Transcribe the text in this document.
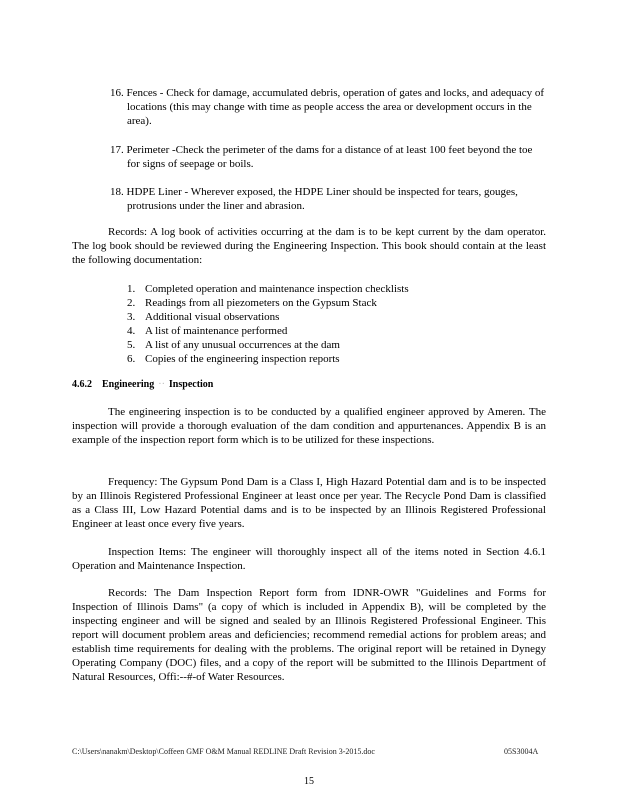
16. Fences - Check for damage, accumulated debris, operation of gates and locks, and adequacy of locations (this may change with time as people access the area or development occurs in the area).
17. Perimeter -Check the perimeter of the dams for a distance of at least 100 feet beyond the toe for signs of seepage or boils.
18. HDPE Liner - Wherever exposed, the HDPE Liner should be inspected for tears, gouges, protrusions under the liner and abrasion.
Records: A log book of activities occurring at the dam is to be kept current by the dam operator. The log book should be reviewed during the Engineering Inspection. This book should contain at the least the following documentation:
1. Completed operation and maintenance inspection checklists
2. Readings from all piezometers on the Gypsum Stack
3. Additional visual observations
4. A list of maintenance performed
5. A list of any unusual occurrences at the dam
6. Copies of the engineering inspection reports
4.6.2 Engineering ·· Inspection
The engineering inspection is to be conducted by a qualified engineer approved by Ameren. The inspection will provide a thorough evaluation of the dam condition and appurtenances. Appendix B is an example of the inspection report form which is to be utilized for these inspections.
Frequency: The Gypsum Pond Dam is a Class I, High Hazard Potential dam and is to be inspected by an Illinois Registered Professional Engineer at least once per year. The Recycle Pond Dam is classified as a Class III, Low Hazard Potential dams and is to be inspected by an Illinois Registered Professional Engineer at least once every five years.
Inspection Items: The engineer will thoroughly inspect all of the items noted in Section 4.6.1 Operation and Maintenance Inspection.
Records: The Dam Inspection Report form from IDNR-OWR "Guidelines and Forms for Inspection of Illinois Dams" (a copy of which is included in Appendix B), will be completed by the inspecting engineer and will be signed and sealed by an Illinois Registered Professional Engineer. This report will document problem areas and deficiencies; recommend remedial actions for problem areas; and establish time requirements for dealing with the problems. The original report will be retained in Dynegy Operating Company (DOC) files, and a copy of the report will be submitted to the Illinois Department of Natural Resources, Offi:--#-of Water Resources.
C:\Users\nanakm\Desktop\Coffeen GMF O&M Manual REDLINE Draft Revision 3-2015.doc	05S3004A
15
